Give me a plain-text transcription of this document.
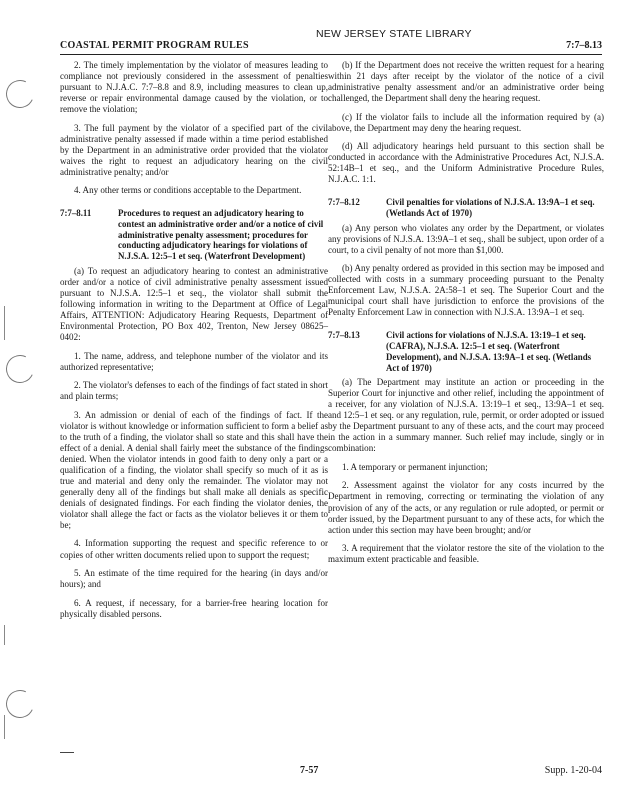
NEW JERSEY STATE LIBRARY
COASTAL PERMIT PROGRAM RULES	7:7–8.13

2. The timely implementation by the violator of measures leading to compliance not previously considered in the assessment of penalties pursuant to N.J.A.C. 7:7–8.8 and 8.9, including measures to clean up, reverse or repair environmental damage caused by the violation, or to remove the violation;

3. The full payment by the violator of a specified part of the civil administrative penalty assessed if made within a time period established by the Department in an administrative order provided that the violator waives the right to request an adjudicatory hearing on the civil administrative penalty; and/or

4. Any other terms or conditions acceptable to the Department.

7:7–8.11	Procedures to request an adjudicatory hearing to contest an administrative order and/or a notice of civil administrative penalty assessment; procedures for conducting adjudicatory hearings for violations of N.J.S.A. 12:5–1 et seq. (Waterfront Development)

(a) To request an adjudicatory hearing to contest an administrative order and/or a notice of civil administrative penalty assessment issued pursuant to N.J.S.A. 12:5–1 et seq., the violator shall submit the following information in writing to the Department at Office of Legal Affairs, ATTENTION: Adjudicatory Hearing Requests, Department of Environmental Protection, PO Box 402, Trenton, New Jersey 08625–0402:

1. The name, address, and telephone number of the violator and its authorized representative;

2. The violator's defenses to each of the findings of fact stated in short and plain terms;

3. An admission or denial of each of the findings of fact. If the violator is without knowledge or information sufficient to form a belief as to the truth of a finding, the violator shall so state and this shall have the effect of a denial. A denial shall fairly meet the substance of the findings denied. When the violator intends in good faith to deny only a part or a qualification of a finding, the violator shall specify so much of it as is true and material and deny only the remainder. The violator may not generally deny all of the findings but shall make all denials as specific denials of designated findings. For each finding the violator denies, the violator shall allege the fact or facts as the violator believes it or them to be;

4. Information supporting the request and specific reference to or copies of other written documents relied upon to support the request;

5. An estimate of the time required for the hearing (in days and/or hours); and

6. A request, if necessary, for a barrier-free hearing location for physically disabled persons.

(b) If the Department does not receive the written request for a hearing within 21 days after receipt by the violator of the notice of a civil administrative penalty assessment and/or an administrative order being challenged, the Department shall deny the hearing request.

(c) If the violator fails to include all the information required by (a) above, the Department may deny the hearing request.

(d) All adjudicatory hearings held pursuant to this section shall be conducted in accordance with the Administrative Procedures Act, N.J.S.A. 52:14B–1 et seq., and the Uniform Administrative Procedure Rules, N.J.A.C. 1:1.

7:7–8.12	Civil penalties for violations of N.J.S.A. 13:9A–1 et seq. (Wetlands Act of 1970)

(a) Any person who violates any order by the Department, or violates any provisions of N.J.S.A. 13:9A–1 et seq., shall be subject, upon order of a court, to a civil penalty of not more than $1,000.

(b) Any penalty ordered as provided in this section may be imposed and collected with costs in a summary proceeding pursuant to the Penalty Enforcement Law, N.J.S.A. 2A:58–1 et seq. The Superior Court and the municipal court shall have jurisdiction to enforce the provisions of the Penalty Enforcement Law in connection with N.J.S.A. 13:9A–1 et seq.

7:7–8.13	Civil actions for violations of N.J.S.A. 13:19–1 et seq. (CAFRA), N.J.S.A. 12:5–1 et seq. (Waterfront Development), and N.J.S.A. 13:9A–1 et seq. (Wetlands Act of 1970)

(a) The Department may institute an action or proceeding in the Superior Court for injunctive and other relief, including the appointment of a receiver, for any violation of N.J.S.A. 13:19–1 et seq., 13:9A–1 et seq. and 12:5–1 et seq. or any regulation, rule, permit, or order adopted or issued by the Department pursuant to any of these acts, and the court may proceed in the action in a summary manner. Such relief may include, singly or in combination:

1. A temporary or permanent injunction;

2. Assessment against the violator for any costs incurred by the Department in removing, correcting or terminating the violation of any provision of any of the acts, or any regulation or rule adopted, or permit or order issued, by the Department pursuant to any of these acts, for which the action under this section may have been brought; and/or

3. A requirement that the violator restore the site of the violation to the maximum extent practicable and feasible.

7-57	Supp. 1-20-04
